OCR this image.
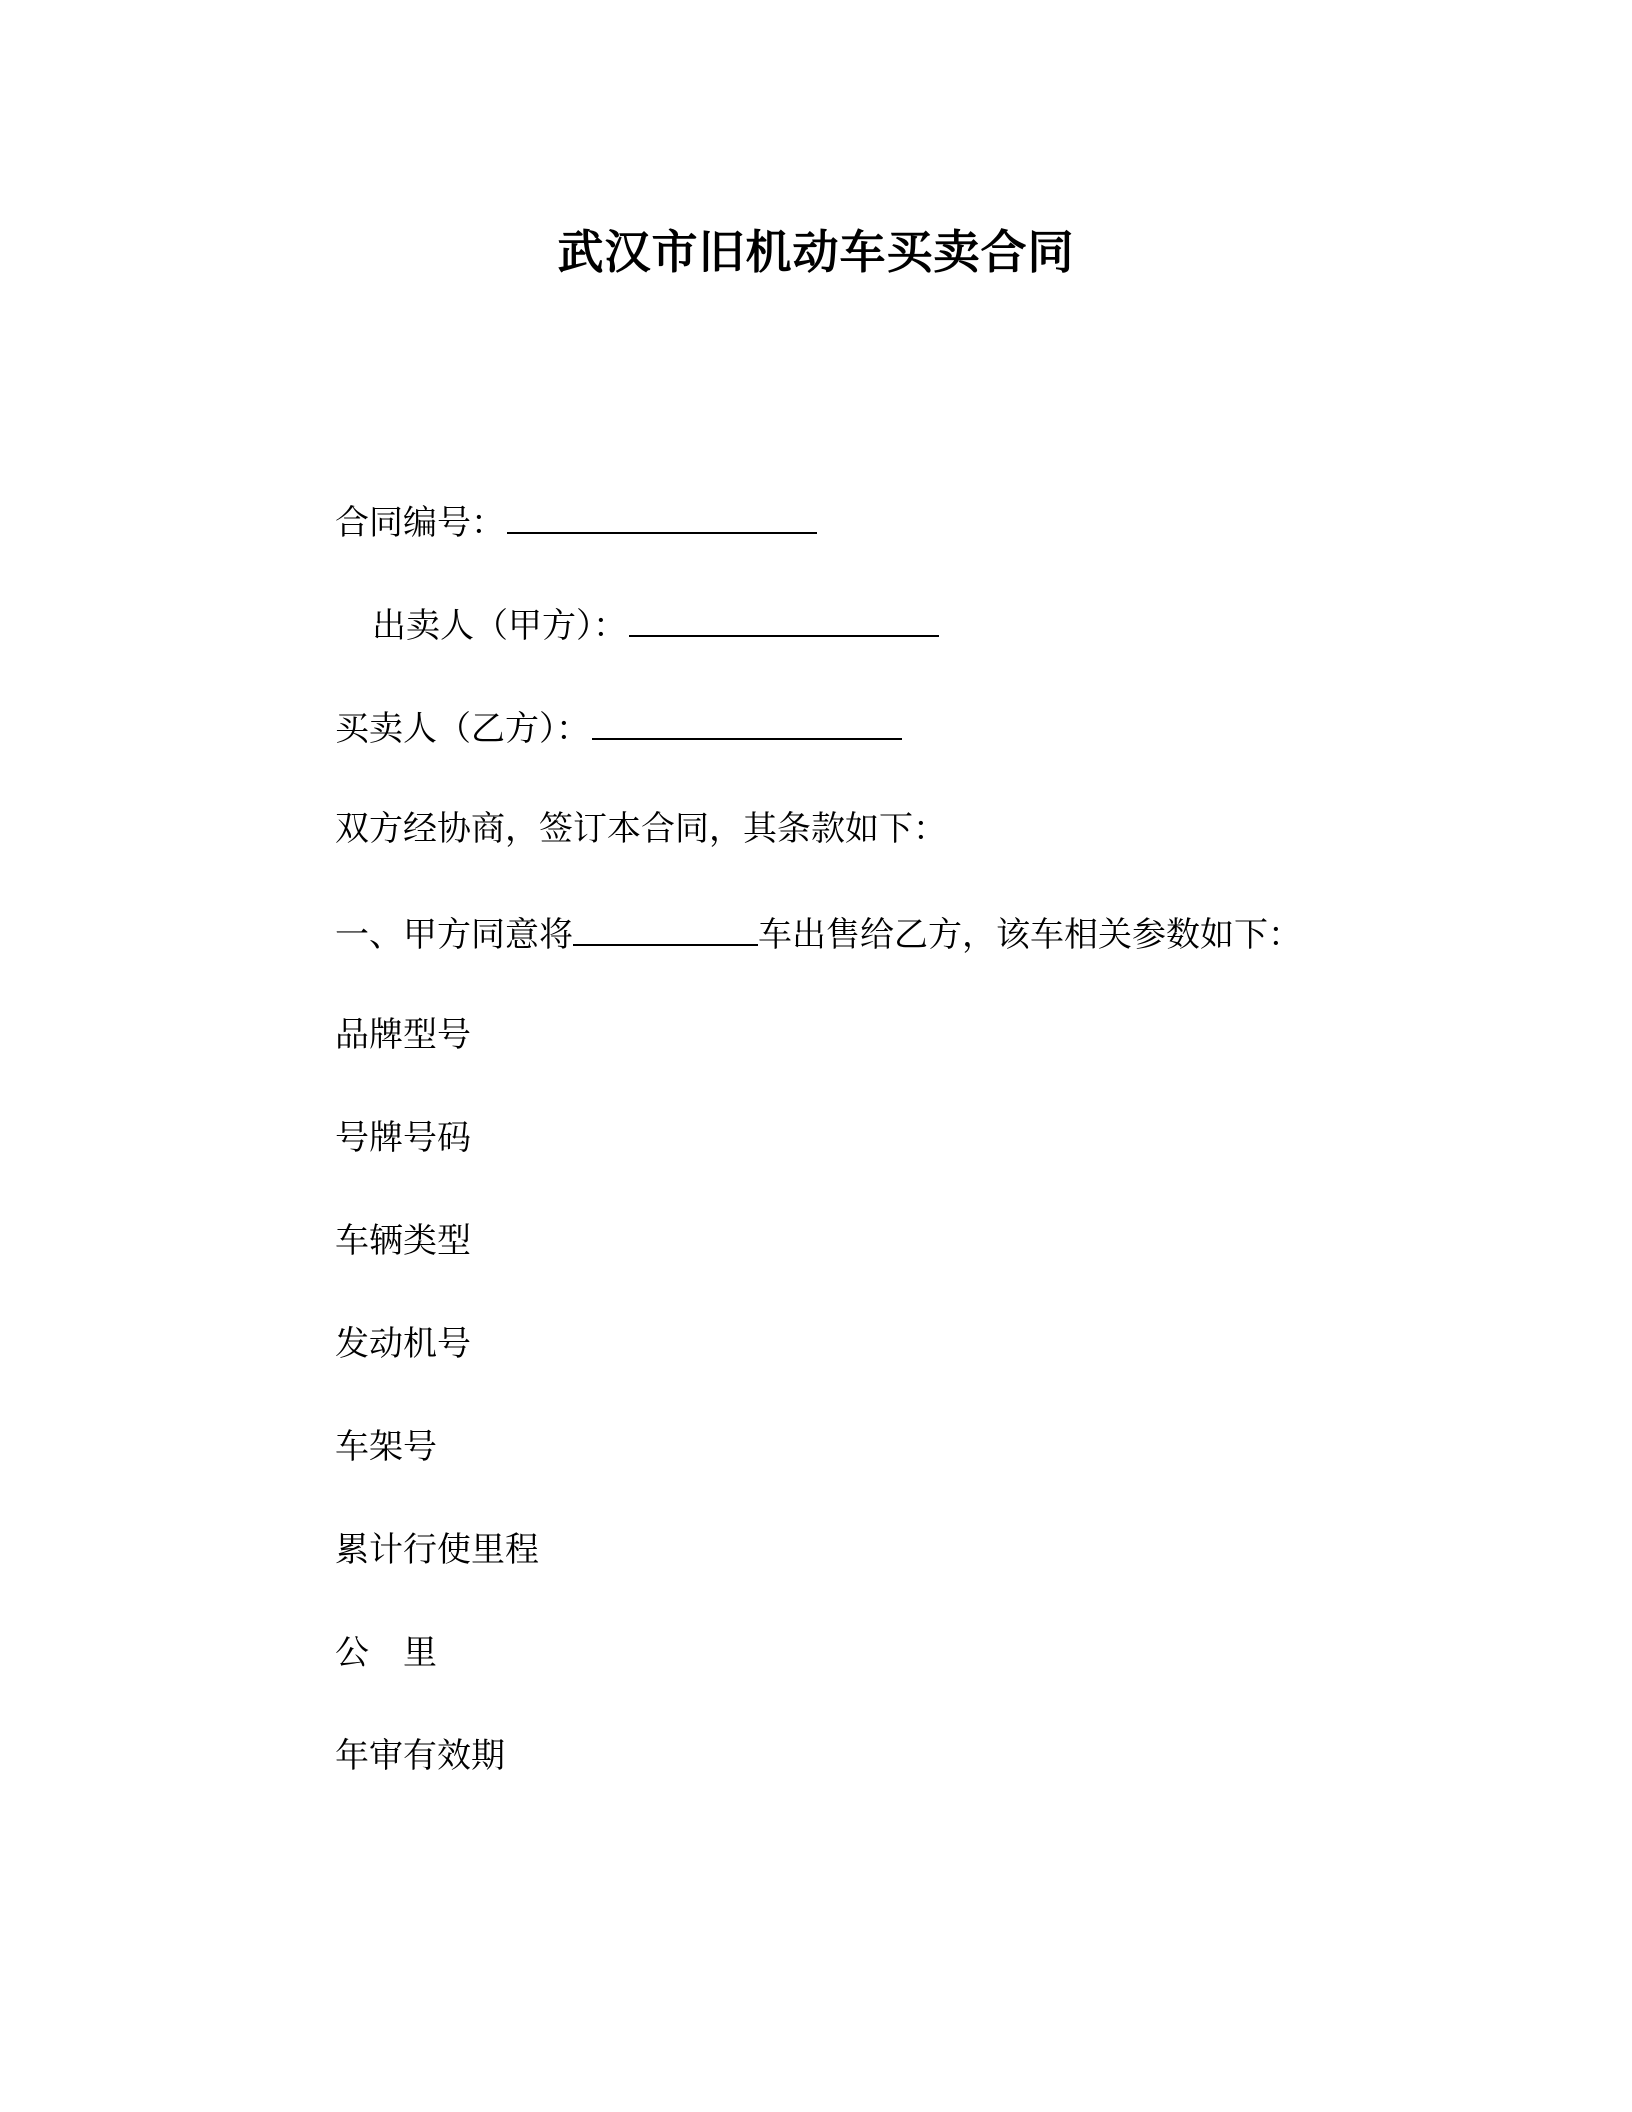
武汉市旧机动车买卖合同
合同编号：
出卖人（甲方）：
买卖人（乙方）：
双方经协商，签订本合同，其条款如下：
一、甲方同意将	车出售给乙方，该车相关参数如下：
品牌型号
号牌号码
车辆类型
发动机号
车架号
累计行使里程
公　里
年审有效期
